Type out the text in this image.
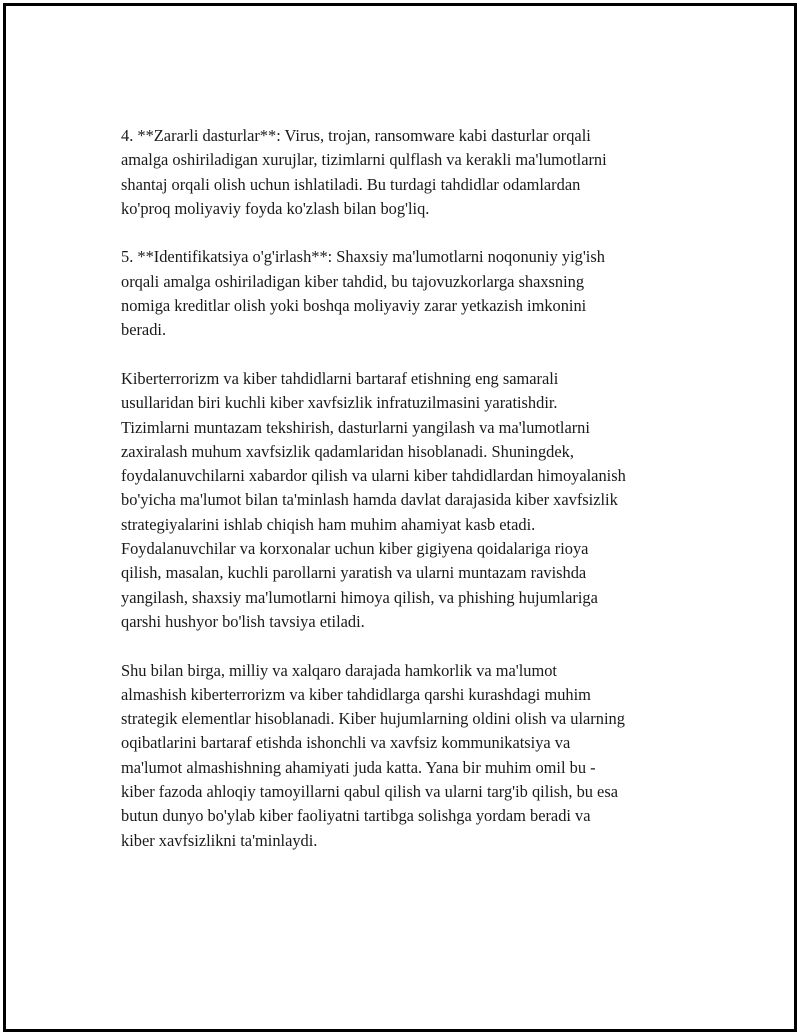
4. **Zararli dasturlar**: Virus, trojan, ransomware kabi dasturlar orqali
amalga oshiriladigan xurujlar, tizimlarni qulflash va kerakli ma'lumotlarni
shantaj orqali olish uchun ishlatiladi. Bu turdagi tahdidlar odamlardan
ko'proq moliyaviy foyda ko'zlash bilan bog'liq.

5. **Identifikatsiya o'g'irlash**: Shaxsiy ma'lumotlarni noqonuniy yig'ish
orqali amalga oshiriladigan kiber tahdid, bu tajovuzkorlarga shaxsning
nomiga kreditlar olish yoki boshqa moliyaviy zarar yetkazish imkonini
beradi.

Kiberterrorizm va kiber tahdidlarni bartaraf etishning eng samarali
usullaridan biri kuchli kiber xavfsizlik infratuzilmasini yaratishdir.
Tizimlarni muntazam tekshirish, dasturlarni yangilash va ma'lumotlarni
zaxiralash muhum xavfsizlik qadamlaridan hisoblanadi. Shuningdek,
foydalanuvchilarni xabardor qilish va ularni kiber tahdidlardan himoyalanish
bo'yicha ma'lumot bilan ta'minlash hamda davlat darajasida kiber xavfsizlik
strategiyalarini ishlab chiqish ham muhim ahamiyat kasb etadi.
Foydalanuvchilar va korxonalar uchun kiber gigiyena qoidalariga rioya
qilish, masalan, kuchli parollarni yaratish va ularni muntazam ravishda
yangilash, shaxsiy ma'lumotlarni himoya qilish, va phishing hujumlariga
qarshi hushyor bo'lish tavsiya etiladi.

Shu bilan birga, milliy va xalqaro darajada hamkorlik va ma'lumot
almashish kiberterrorizm va kiber tahdidlarga qarshi kurashdagi muhim
strategik elementlar hisoblanadi. Kiber hujumlarning oldini olish va ularning
oqibatlarini bartaraf etishda ishonchli va xavfsiz kommunikatsiya va
ma'lumot almashishning ahamiyati juda katta. Yana bir muhim omil bu -
kiber fazoda ahloqiy tamoyillarni qabul qilish va ularni targ'ib qilish, bu esa
butun dunyo bo'ylab kiber faoliyatni tartibga solishga yordam beradi va
kiber xavfsizlikni ta'minlaydi.
